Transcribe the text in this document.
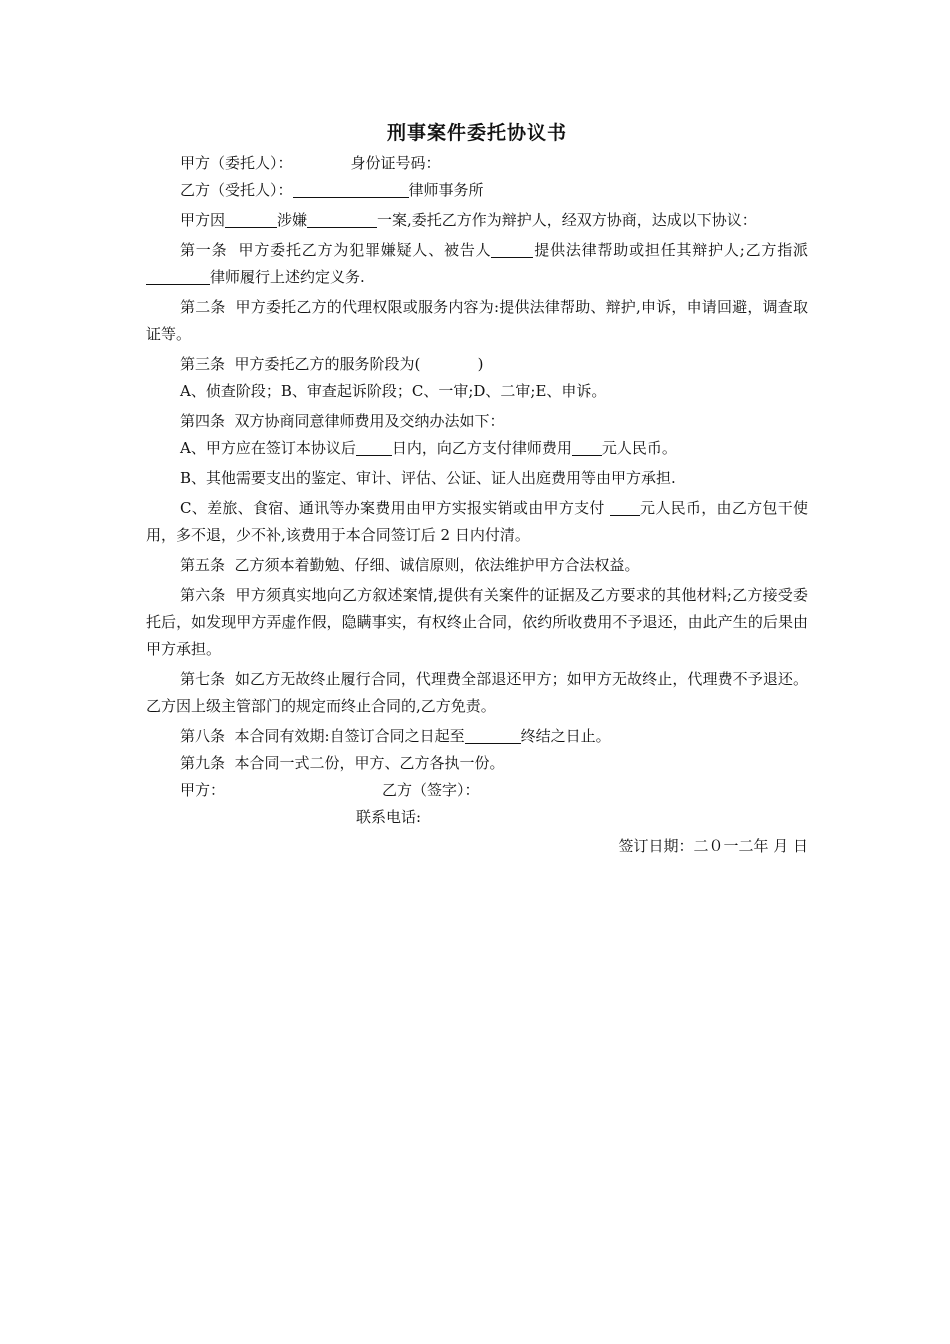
刑事案件委托协议书

甲方（委托人）：	身份证号码：

乙方（受托人）：	律师事务所

甲方因	涉嫌	一案,委托乙方作为辩护人，经双方协商，达成以下协议：

第一条  甲方委托乙方为犯罪嫌疑人、被告人	提供法律帮助或担任其辩护人;乙方指派律师履行上述约定义务.

第二条  甲方委托乙方的代理权限或服务内容为:提供法律帮助、辩护,申诉，申请回避，调查取证等。

第三条  甲方委托乙方的服务阶段为(            )

A、侦查阶段；B、审查起诉阶段；C、一审;D、二审;E、申诉。

第四条  双方协商同意律师费用及交纳办法如下：

A、甲方应在签订本协议后 日内，向乙方支付律师费用 元人民币。

B、其他需要支出的鉴定、审计、评估、公证、证人出庭费用等由甲方承担.

C、差旅、食宿、通讯等办案费用由甲方实报实销或由甲方支付 元人民币，由乙方包干使用，多不退，少不补,该费用于本合同签订后 2 日内付清。

第五条  乙方须本着勤勉、仔细、诚信原则，依法维护甲方合法权益。

第六条  甲方须真实地向乙方叙述案情,提供有关案件的证据及乙方要求的其他材料;乙方接受委托后，如发现甲方弄虚作假，隐瞒事实，有权终止合同，依约所收费用不予退还，由此产生的后果由甲方承担。

第七条  如乙方无故终止履行合同，代理费全部退还甲方；如甲方无故终止，代理费不予退还。乙方因上级主管部门的规定而终止合同的,乙方免责。

第八条  本合同有效期:自签订合同之日起至	终结之日止。

第九条  本合同一式二份，甲方、乙方各执一份。

甲方：	乙方（签字）：
联系电话:
签订日期：二０一二年 月 日
